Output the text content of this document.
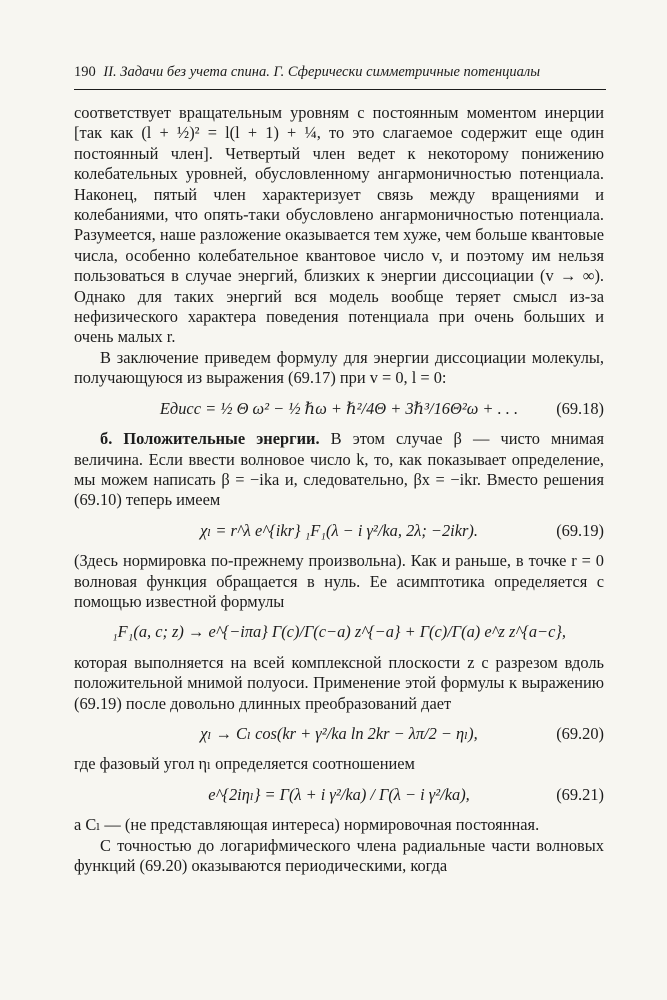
190 II. Задачи без учета спина. Г. Сферически симметричные потенциалы

соответствует вращательным уровням с постоянным моментом инерции [так как (l + ½)² = l(l + 1) + ¼, то это слагаемое содержит еще один постоянный член]. Четвертый член ведет к некоторому понижению колебательных уровней, обусловленному ангармоничностью потенциала. Наконец, пятый член характеризует связь между вращениями и колебаниями, что опять-таки обусловлено ангармоничностью потенциала. Разумеется, наше разложение оказывается тем хуже, чем больше квантовые числа, особенно колебательное квантовое число v, и поэтому им нельзя пользоваться в случае энергий, близких к энергии диссоциации (v → ∞). Однако для таких энергий вся модель вообще теряет смысл из-за нефизического характера поведения потенциала при очень больших и очень малых r.

В заключение приведем формулу для энергии диссоциации молекулы, получающуюся из выражения (69.17) при v = 0, l = 0:

Eдисс = ½ Θ ω² − ½ ℏω + ℏ²/4Θ + 3ℏ³/16Θ²ω + . . . (69.18)

б. Положительные энергии. В этом случае β — чисто мнимая величина. Если ввести волновое число k, то, как показывает определение, мы можем написать β = −ika и, следовательно, βx = −ikr. Вместо решения (69.10) теперь имеем

χₗ = r^λ e^{ikr} ₁F₁(λ − i γ²/ka, 2λ; −2ikr).	(69.19)

(Здесь нормировка по-прежнему произвольна). Как и раньше, в точке r = 0 волновая функция обращается в нуль. Ее асимптотика определяется с помощью известной формулы

₁F₁(a, c; z) → e^{−iπa} Γ(c)/Γ(c−a) z^{−a} + Γ(c)/Γ(a) e^z z^{a−c},

которая выполняется на всей комплексной плоскости z с разрезом вдоль положительной мнимой полуоси. Применение этой формулы к выражению (69.19) после довольно длинных преобразований дает

χₗ → Cₗ cos(kr + γ²/ka ln 2kr − λπ/2 − ηₗ),	(69.20)

где фазовый угол ηₗ определяется соотношением

e^{2iηₗ} = Γ(λ + i γ²/ka) / Γ(λ − i γ²/ka),	(69.21)

а Cₗ — (не представляющая интереса) нормировочная постоянная.

С точностью до логарифмического члена радиальные части волновых функций (69.20) оказываются периодическими, когда
